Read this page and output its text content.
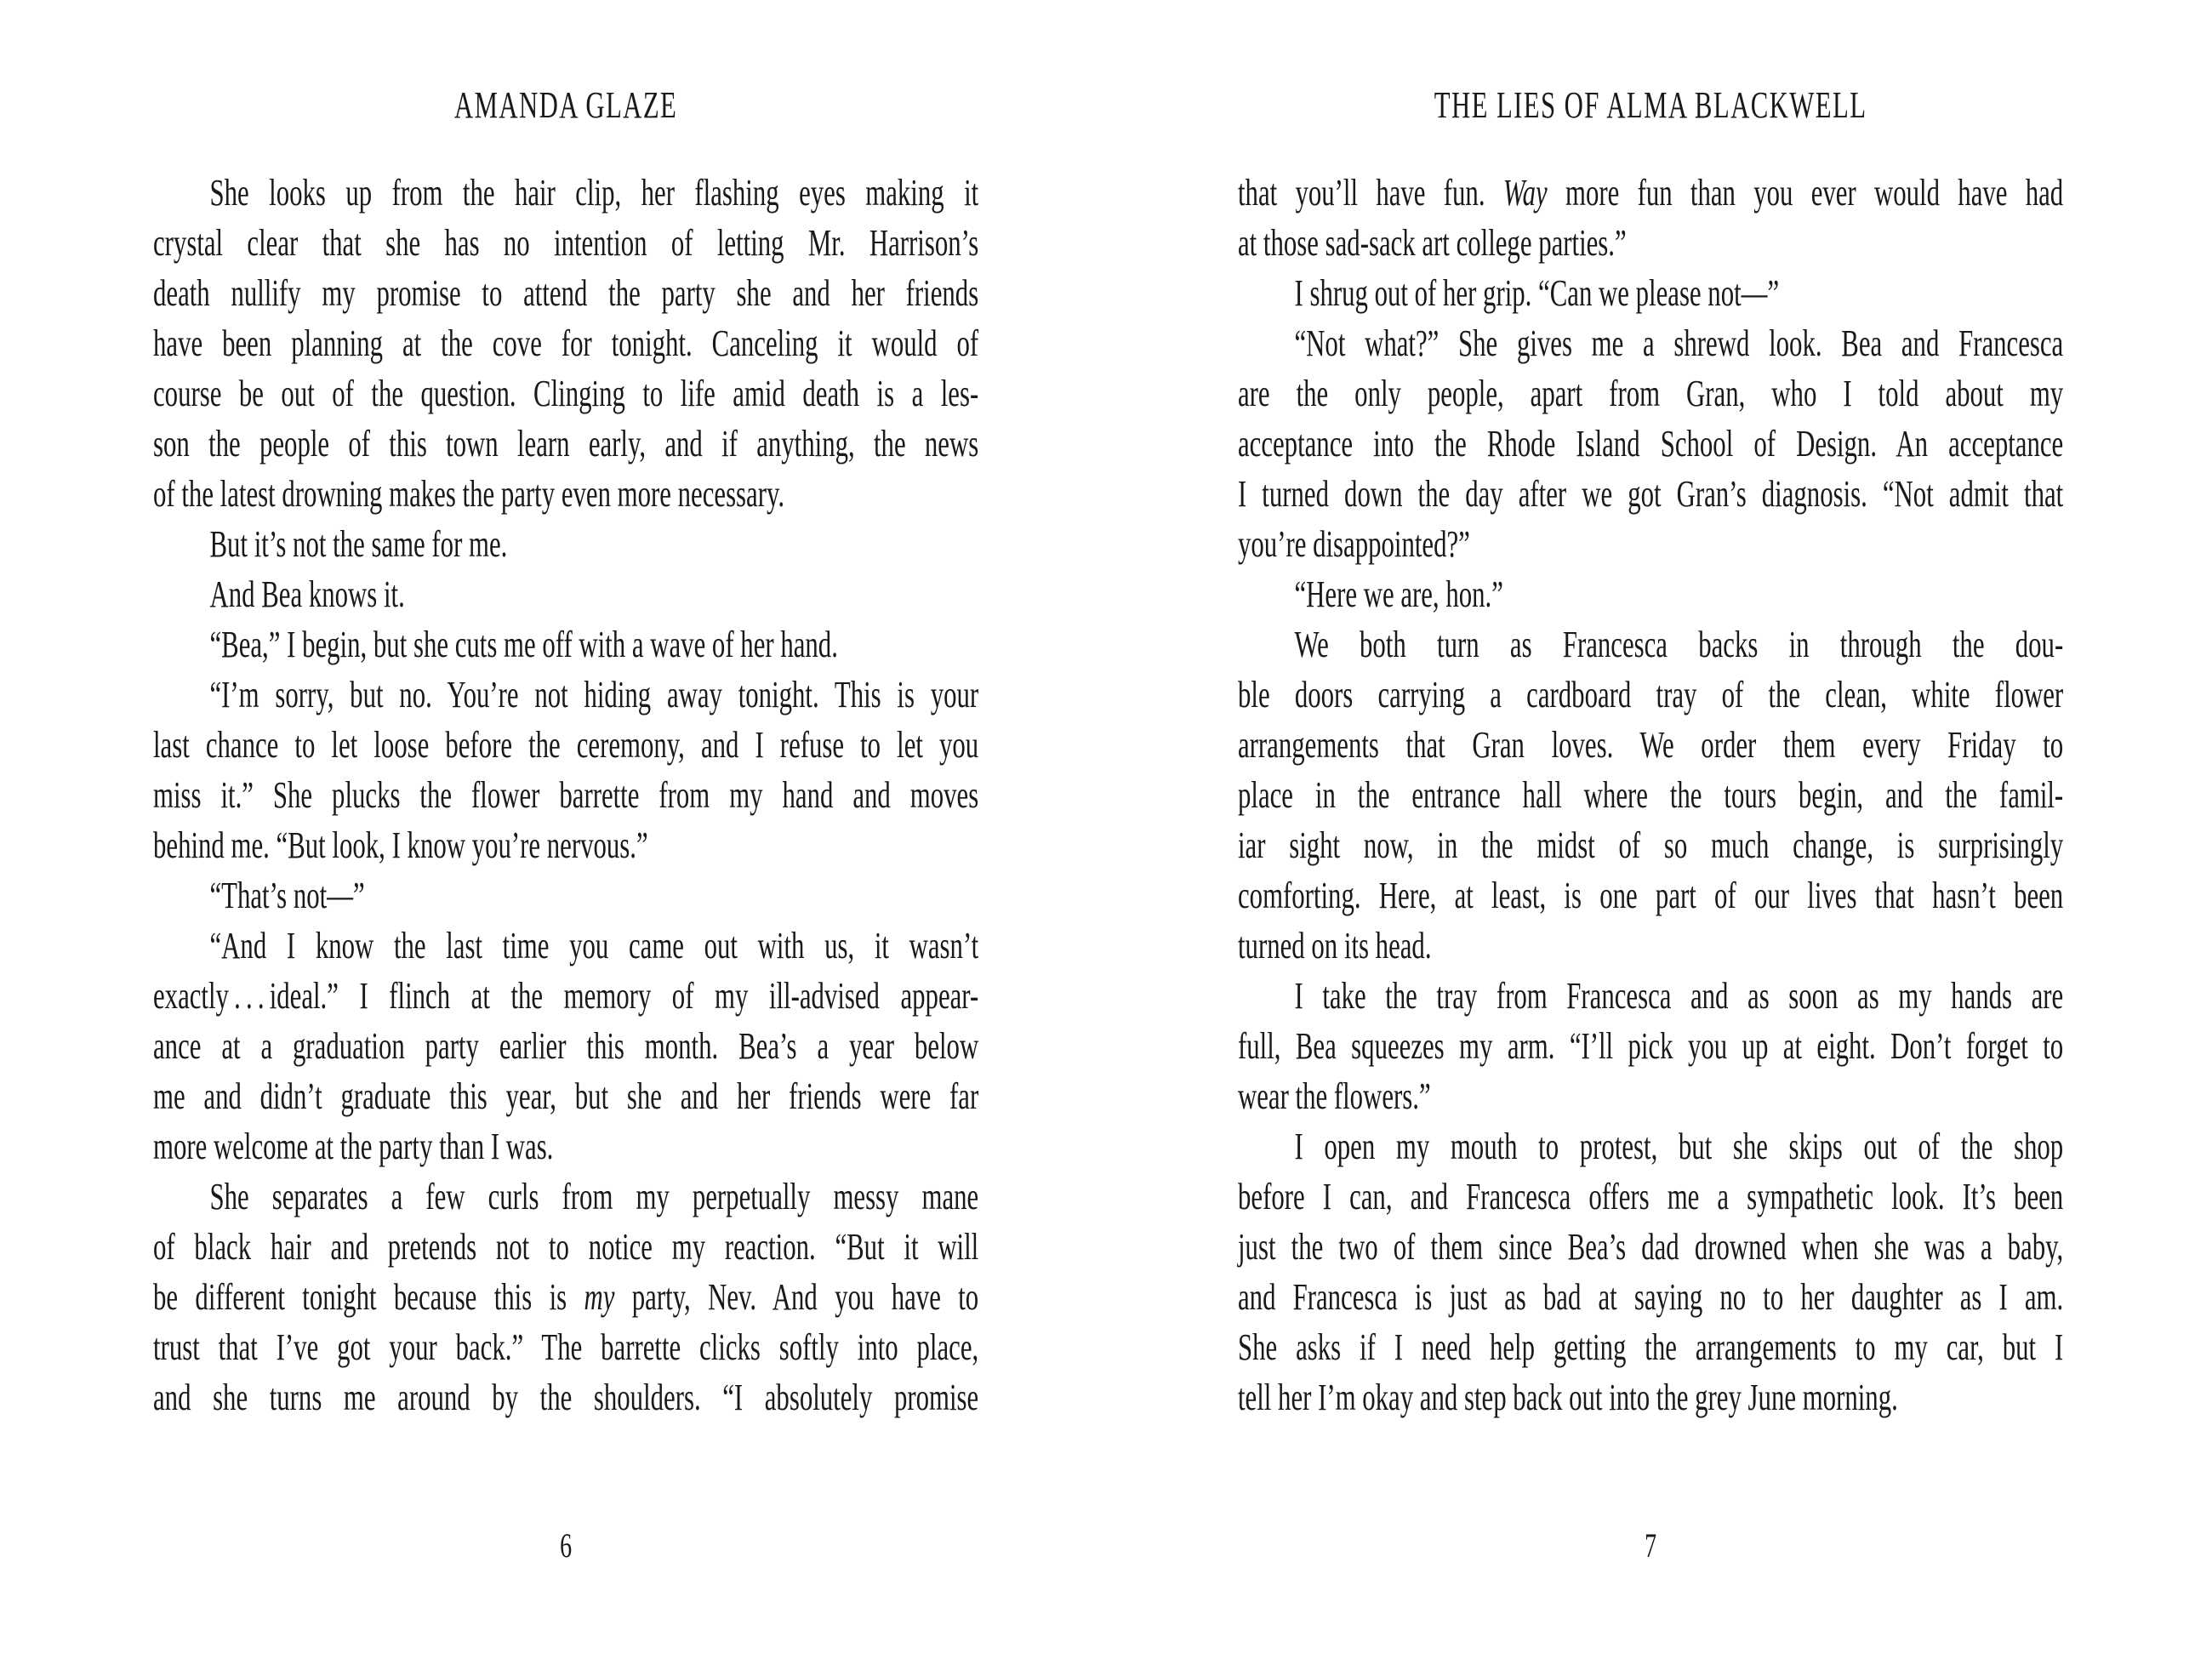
AMANDA GLAZE
She looks up from the hair clip, her flashing eyes making it
crystal clear that she has no intention of letting Mr. Harrison’s
death nullify my promise to attend the party she and her friends
have been planning at the cove for tonight. Canceling it would of
course be out of the question. Clinging to life amid death is a les-
son the people of this town learn early, and if anything, the news
of the latest drowning makes the party even more necessary.
But it’s not the same for me.
And Bea knows it.
“Bea,” I begin, but she cuts me off with a wave of her hand.
“I’m sorry, but no. You’re not hiding away tonight. This is your
last chance to let loose before the ceremony, and I refuse to let you
miss it.” She plucks the flower barrette from my hand and moves
behind me. “But look, I know you’re nervous.”
“That’s not—”
“And I know the last time you came out with us, it wasn’t
exactly . . . ideal.” I flinch at the memory of my ill-advised appear-
ance at a graduation party earlier this month. Bea’s a year below
me and didn’t graduate this year, but she and her friends were far
more welcome at the party than I was.
She separates a few curls from my perpetually messy mane
of black hair and pretends not to notice my reaction. “But it will
be different tonight because this is my party, Nev. And you have to
trust that I’ve got your back.” The barrette clicks softly into place,
and she turns me around by the shoulders. “I absolutely promise
6
THE LIES OF ALMA BLACKWELL
that you’ll have fun. Way more fun than you ever would have had
at those sad-sack art college parties.”
I shrug out of her grip. “Can we please not—”
“Not what?” She gives me a shrewd look. Bea and Francesca
are the only people, apart from Gran, who I told about my
acceptance into the Rhode Island School of Design. An acceptance
I turned down the day after we got Gran’s diagnosis. “Not admit that
you’re disappointed?”
“Here we are, hon.”
We both turn as Francesca backs in through the dou-
ble doors carrying a cardboard tray of the clean, white flower
arrangements that Gran loves. We order them every Friday to
place in the entrance hall where the tours begin, and the famil-
iar sight now, in the midst of so much change, is surprisingly
comforting. Here, at least, is one part of our lives that hasn’t been
turned on its head.
I take the tray from Francesca and as soon as my hands are
full, Bea squeezes my arm. “I’ll pick you up at eight. Don’t forget to
wear the flowers.”
I open my mouth to protest, but she skips out of the shop
before I can, and Francesca offers me a sympathetic look. It’s been
just the two of them since Bea’s dad drowned when she was a baby,
and Francesca is just as bad at saying no to her daughter as I am.
She asks if I need help getting the arrangements to my car, but I
tell her I’m okay and step back out into the grey June morning.
7
